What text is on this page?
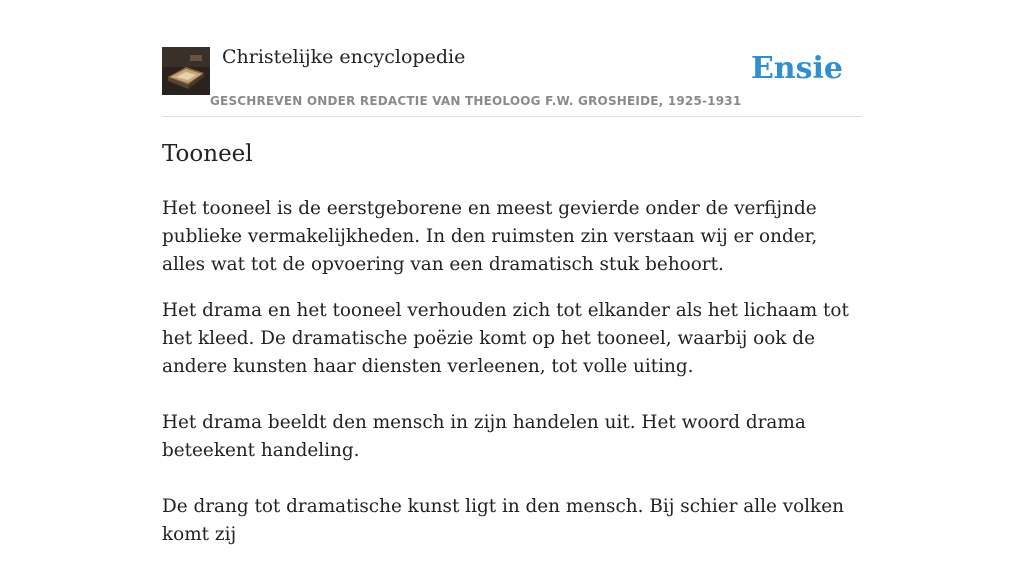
Christelijke encyclopedie
GESCHREVEN ONDER REDACTIE VAN THEOLOOG F.W. GROSHEIDE, 1925-1931
Ensie
Tooneel

Het tooneel is de eerstgeborene en meest gevierde onder de verfijnde publieke vermakelijkheden. In den ruimsten zin verstaan wij er onder, alles wat tot de opvoering van een dramatisch stuk behoort.

Het drama en het tooneel verhouden zich tot elkander als het lichaam tot het kleed. De dramatische poëzie komt op het tooneel, waarbij ook de andere kunsten haar diensten verleenen, tot volle uiting.

Het drama beeldt den mensch in zijn handelen uit. Het woord drama beteekent handeling.

De drang tot dramatische kunst ligt in den mensch. Bij schier alle volken komt zij
